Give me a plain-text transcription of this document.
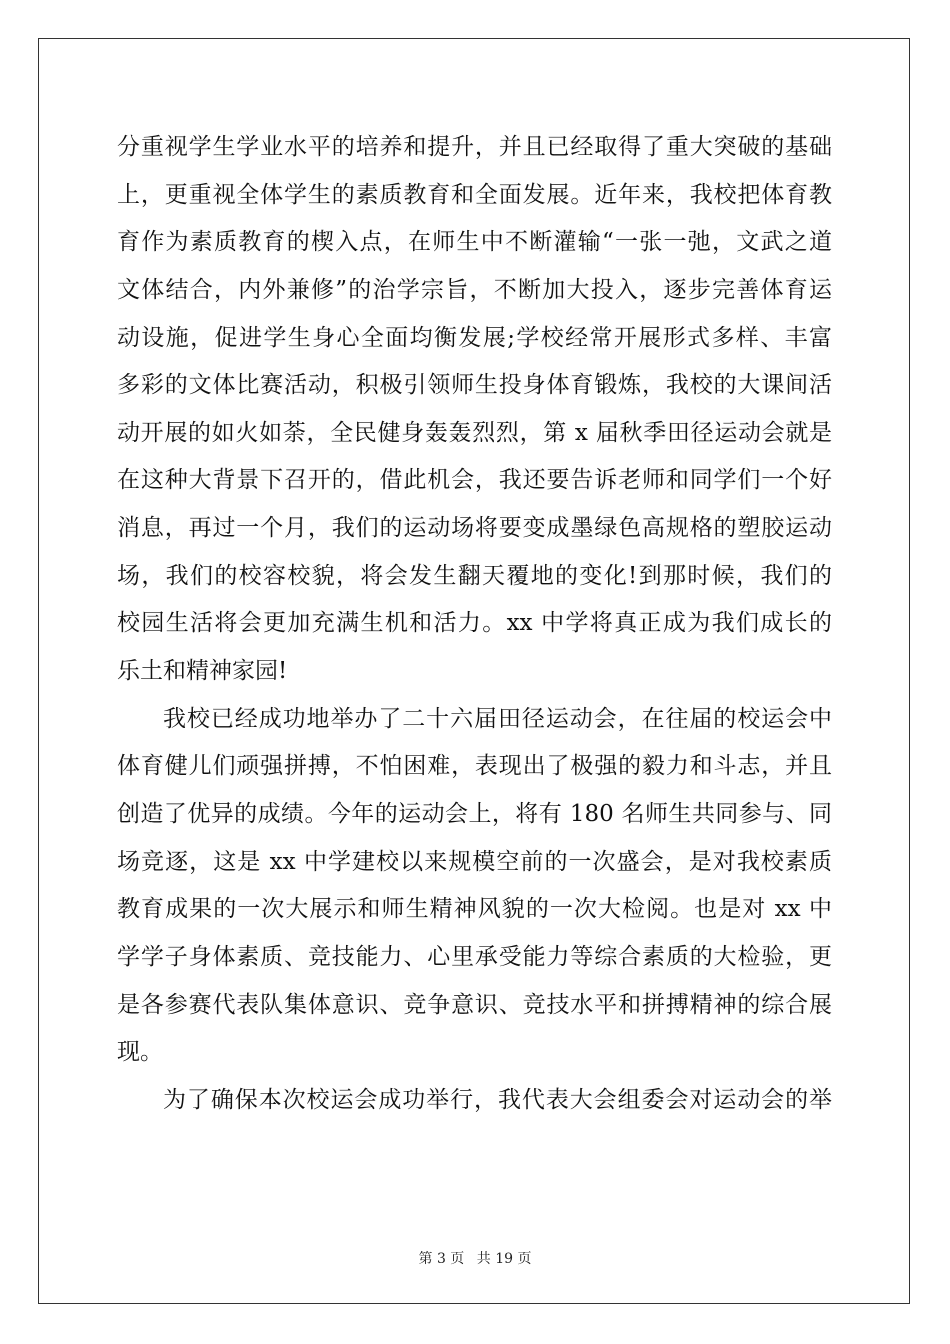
分重视学生学业水平的培养和提升，并且已经取得了重大突破的基础
上，更重视全体学生的素质教育和全面发展。近年来，我校把体育教
育作为素质教育的楔入点，在师生中不断灌输“一张一弛，文武之道
文体结合，内外兼修”的治学宗旨，不断加大投入，逐步完善体育运
动设施，促进学生身心全面均衡发展;学校经常开展形式多样、丰富
多彩的文体比赛活动，积极引领师生投身体育锻炼，我校的大课间活
动开展的如火如荼，全民健身轰轰烈烈，第 x 届秋季田径运动会就是
在这种大背景下召开的，借此机会，我还要告诉老师和同学们一个好
消息，再过一个月，我们的运动场将要变成墨绿色高规格的塑胶运动
场，我们的校容校貌，将会发生翻天覆地的变化!到那时候，我们的
校园生活将会更加充满生机和活力。xx 中学将真正成为我们成长的
乐土和精神家园!
我校已经成功地举办了二十六届田径运动会，在往届的校运会中
体育健儿们顽强拼搏，不怕困难，表现出了极强的毅力和斗志，并且
创造了优异的成绩。今年的运动会上，将有 180 名师生共同参与、同
场竞逐，这是 xx 中学建校以来规模空前的一次盛会，是对我校素质
教育成果的一次大展示和师生精神风貌的一次大检阅。也是对 xx 中
学学子身体素质、竞技能力、心里承受能力等综合素质的大检验，更
是各参赛代表队集体意识、竞争意识、竞技水平和拼搏精神的综合展
现。
为了确保本次校运会成功举行，我代表大会组委会对运动会的举
第 3 页 共 19 页
